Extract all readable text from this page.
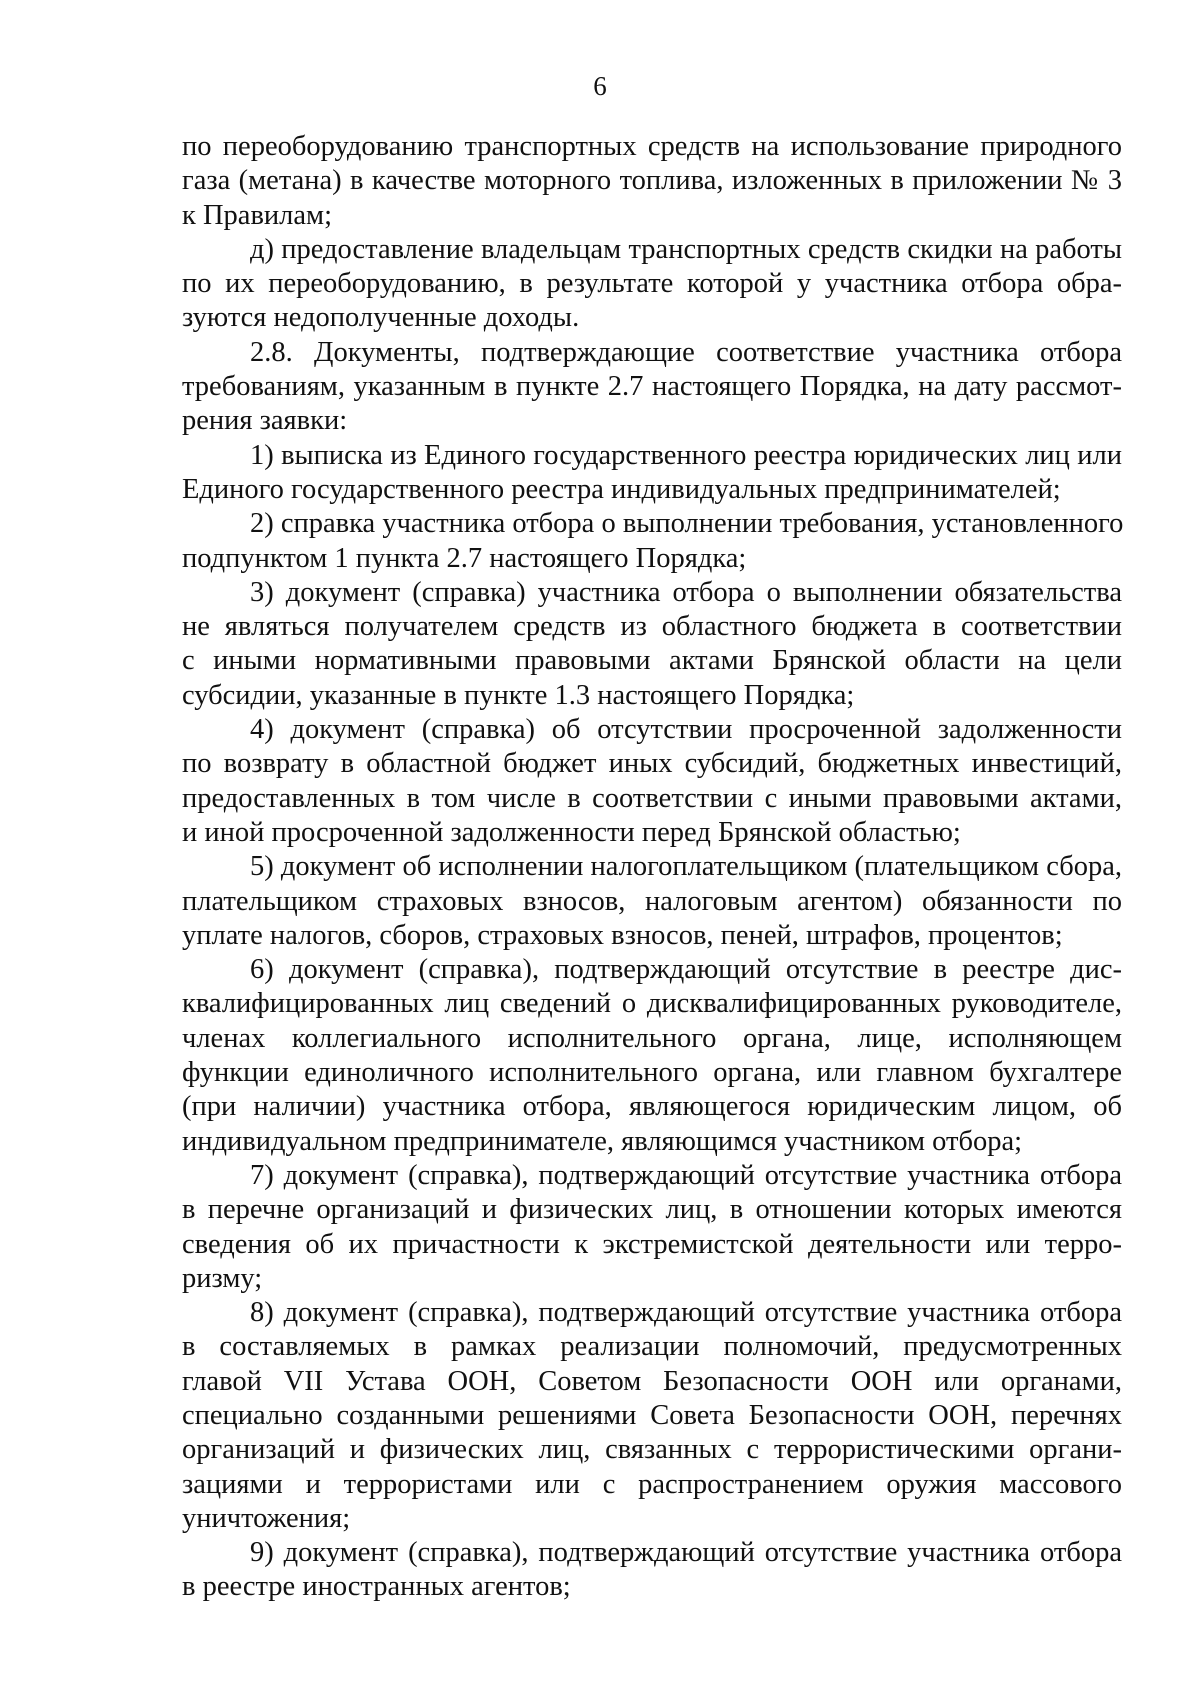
6
по переоборудованию транспортных средств на использование природного
газа (метана) в качестве моторного топлива, изложенных в приложении № 3
к Правилам;
д) предоставление владельцам транспортных средств скидки на работы
по их переоборудованию, в результате которой у участника отбора обра-
зуются недополученные доходы.
2.8. Документы, подтверждающие соответствие участника отбора
требованиям, указанным в пункте 2.7 настоящего Порядка, на дату рассмот-
рения заявки:
1) выписка из Единого государственного реестра юридических лиц или
Единого государственного реестра индивидуальных предпринимателей;
2) справка участника отбора о выполнении требования, установленного
подпунктом 1 пункта 2.7 настоящего Порядка;
3) документ (справка) участника отбора о выполнении обязательства
не являться получателем средств из областного бюджета в соответствии
с иными нормативными правовыми актами Брянской области на цели
субсидии, указанные в пункте 1.3 настоящего Порядка;
4) документ (справка) об отсутствии просроченной задолженности
по возврату в областной бюджет иных субсидий, бюджетных инвестиций,
предоставленных в том числе в соответствии с иными правовыми актами,
и иной просроченной задолженности перед Брянской областью;
5) документ об исполнении налогоплательщиком (плательщиком сбора,
плательщиком страховых взносов, налоговым агентом) обязанности по
уплате налогов, сборов, страховых взносов, пеней, штрафов, процентов;
6) документ (справка), подтверждающий отсутствие в реестре дис-
квалифицированных лиц сведений о дисквалифицированных руководителе,
членах коллегиального исполнительного органа, лице, исполняющем
функции единоличного исполнительного органа, или главном бухгалтере
(при наличии) участника отбора, являющегося юридическим лицом, об
индивидуальном предпринимателе, являющимся участником отбора;
7) документ (справка), подтверждающий отсутствие участника отбора
в перечне организаций и физических лиц, в отношении которых имеются
сведения об их причастности к экстремистской деятельности или терро-
ризму;
8) документ (справка), подтверждающий отсутствие участника отбора
в составляемых в рамках реализации полномочий, предусмотренных
главой VII Устава ООН, Советом Безопасности ООН или органами,
специально созданными решениями Совета Безопасности ООН, перечнях
организаций и физических лиц, связанных с террористическими органи-
зациями и террористами или с распространением оружия массового
уничтожения;
9) документ (справка), подтверждающий отсутствие участника отбора
в реестре иностранных агентов;
